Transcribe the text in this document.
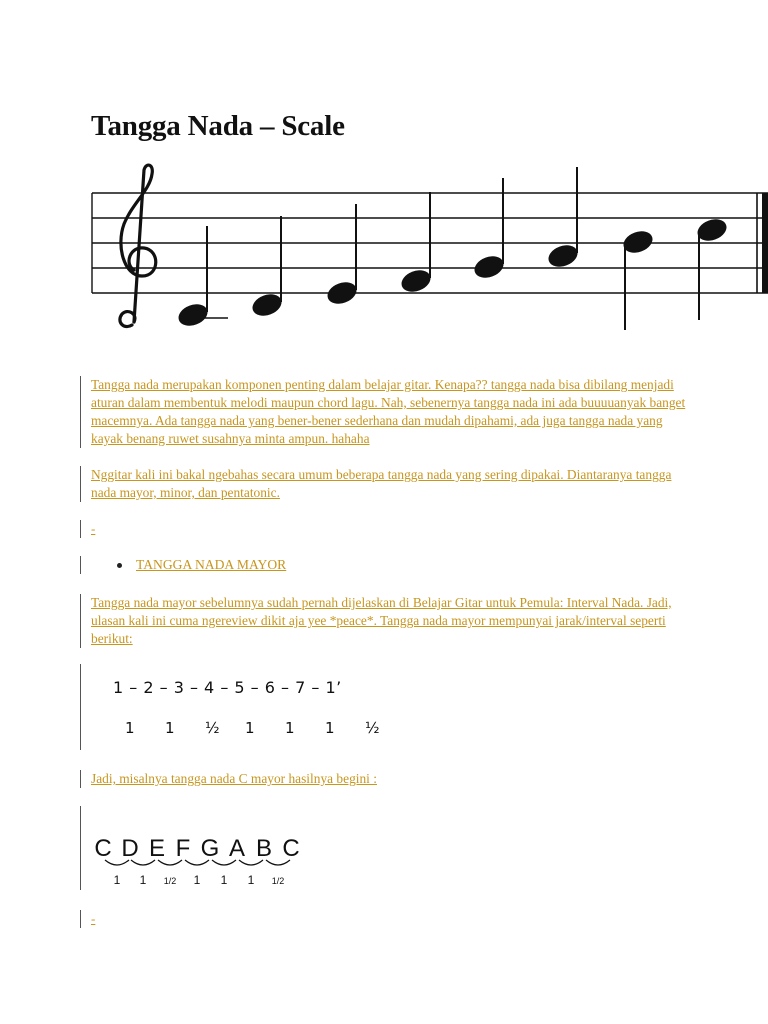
Tangga Nada – Scale

Tangga nada merupakan komponen penting dalam belajar gitar. Kenapa?? tangga nada bisa dibilang menjadi aturan dalam membentuk melodi maupun chord lagu. Nah, sebenernya tangga nada ini ada buuuuanyak banget macemnya. Ada tangga nada yang bener-bener sederhana dan mudah dipahami, ada juga tangga nada yang kayak benang ruwet susahnya minta ampun. hahaha

Nggitar kali ini bakal ngebahas secara umum beberapa tangga nada yang sering dipakai. Diantaranya tangga nada mayor, minor, dan pentatonic.

-
TANGGA NADA MAYOR

Tangga nada mayor sebelumnya sudah pernah dijelaskan di Belajar Gitar untuk Pemula: Interval Nada. Jadi, ulasan kali ini cuma ngereview dikit aja yee *peace*. Tangga nada mayor mempunyai jarak/interval seperti berikut:

1 – 2 – 3 – 4 – 5 – 6 – 7 – 1’
1	1	½	1	1	1	½

Jadi, misalnya tangga nada C mayor hasilnya begini :

C D E F G A B C
1 1 1/2 1 1 1 1/2
-
